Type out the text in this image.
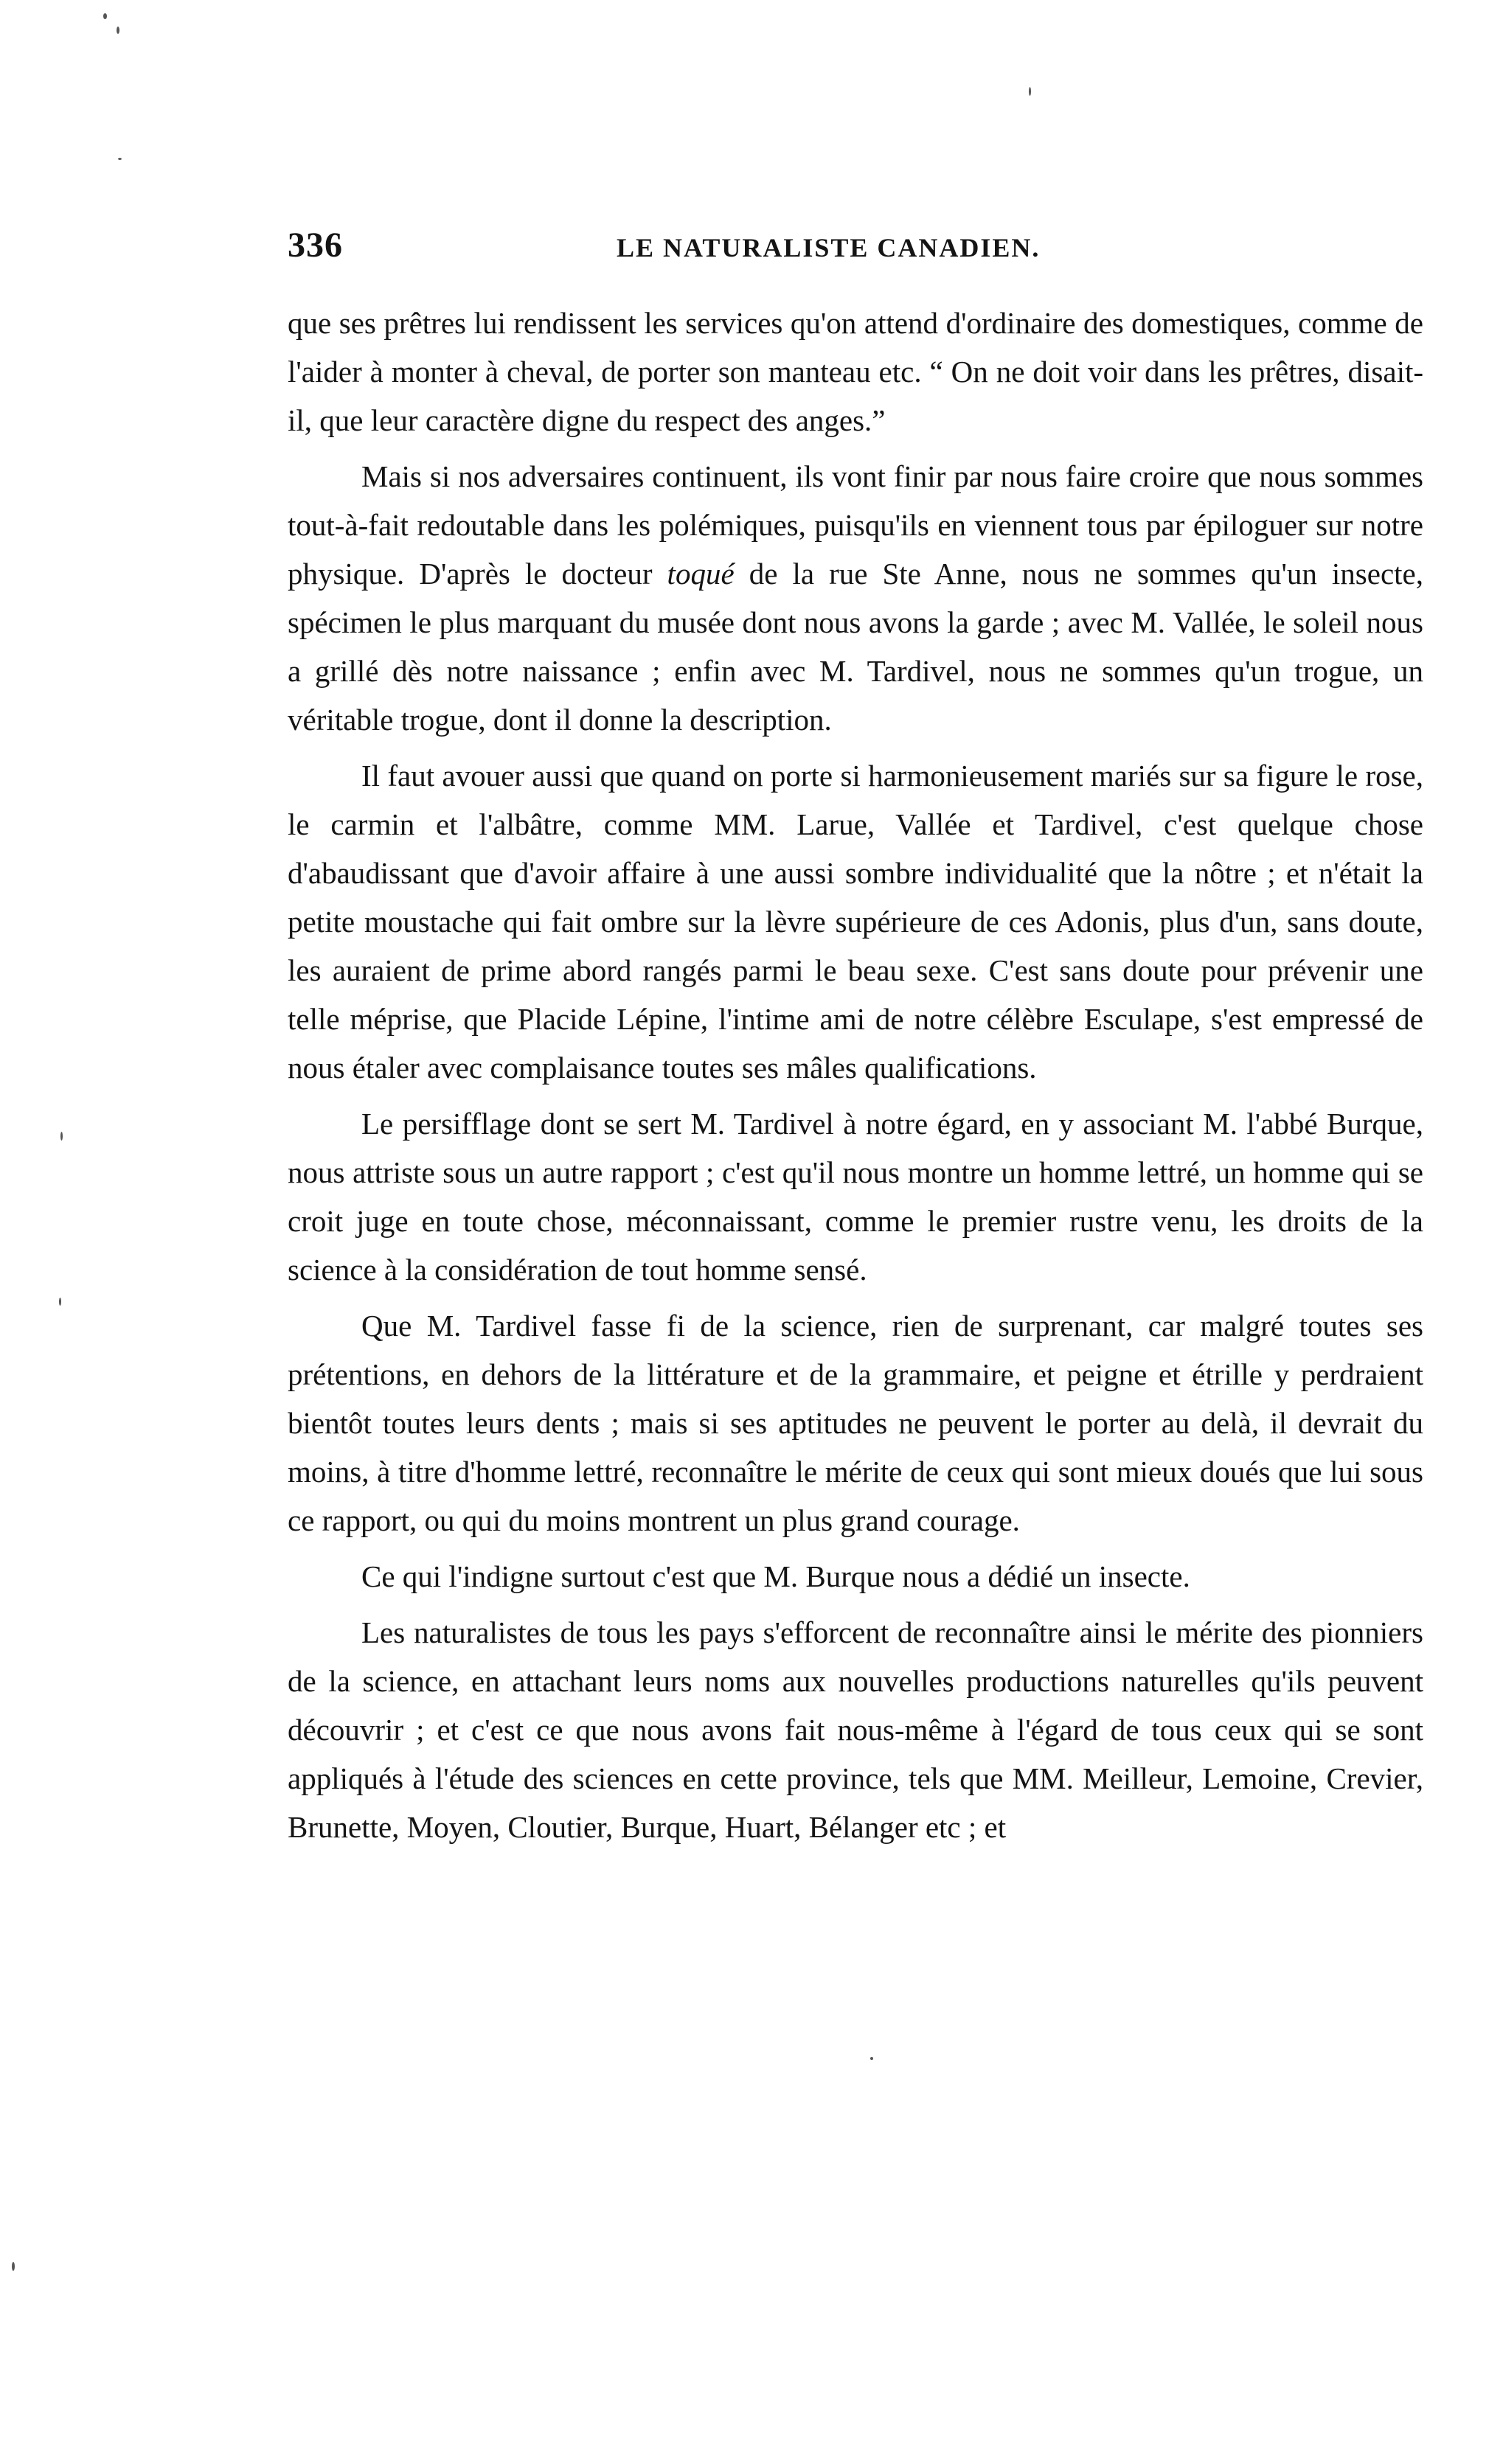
336	LE NATURALISTE CANADIEN.

que ses prêtres lui rendissent les services qu'on attend d'ordinaire des domestiques, comme de l'aider à monter à cheval, de porter son manteau etc. “ On ne doit voir dans les prêtres, disait-il, que leur caractère digne du respect des anges.”

Mais si nos adversaires continuent, ils vont finir par nous faire croire que nous sommes tout-à-fait redoutable dans les polémiques, puisqu'ils en viennent tous par épiloguer sur notre physique. D'après le docteur toqué de la rue Ste Anne, nous ne sommes qu'un insecte, spécimen le plus marquant du musée dont nous avons la garde ; avec M. Vallée, le soleil nous a grillé dès notre naissance ; enfin avec M. Tardivel, nous ne sommes qu'un trogue, un véritable trogue, dont il donne la description.

Il faut avouer aussi que quand on porte si harmonieusement mariés sur sa figure le rose, le carmin et l'albâtre, comme MM. Larue, Vallée et Tardivel, c'est quelque chose d'abaudissant que d'avoir affaire à une aussi sombre individualité que la nôtre ; et n'était la petite moustache qui fait ombre sur la lèvre supérieure de ces Adonis, plus d'un, sans doute, les auraient de prime abord rangés parmi le beau sexe. C'est sans doute pour prévenir une telle méprise, que Placide Lépine, l'intime ami de notre célèbre Esculape, s'est empressé de nous étaler avec complaisance toutes ses mâles qualifications.

Le persifflage dont se sert M. Tardivel à notre égard, en y associant M. l'abbé Burque, nous attriste sous un autre rapport ; c'est qu'il nous montre un homme lettré, un homme qui se croit juge en toute chose, méconnaissant, comme le premier rustre venu, les droits de la science à la considération de tout homme sensé.

Que M. Tardivel fasse fi de la science, rien de surprenant, car malgré toutes ses prétentions, en dehors de la littérature et de la grammaire, et peigne et étrille y perdraient bientôt toutes leurs dents ; mais si ses aptitudes ne peuvent le porter au delà, il devrait du moins, à titre d'homme lettré, reconnaître le mérite de ceux qui sont mieux doués que lui sous ce rapport, ou qui du moins montrent un plus grand courage.

Ce qui l'indigne surtout c'est que M. Burque nous a dédié un insecte.

Les naturalistes de tous les pays s'efforcent de reconnaître ainsi le mérite des pionniers de la science, en attachant leurs noms aux nouvelles productions naturelles qu'ils peuvent découvrir ; et c'est ce que nous avons fait nous-même à l'égard de tous ceux qui se sont appliqués à l'étude des sciences en cette province, tels que MM. Meilleur, Lemoine, Crevier, Brunette, Moyen, Cloutier, Burque, Huart, Bélanger etc ; et
